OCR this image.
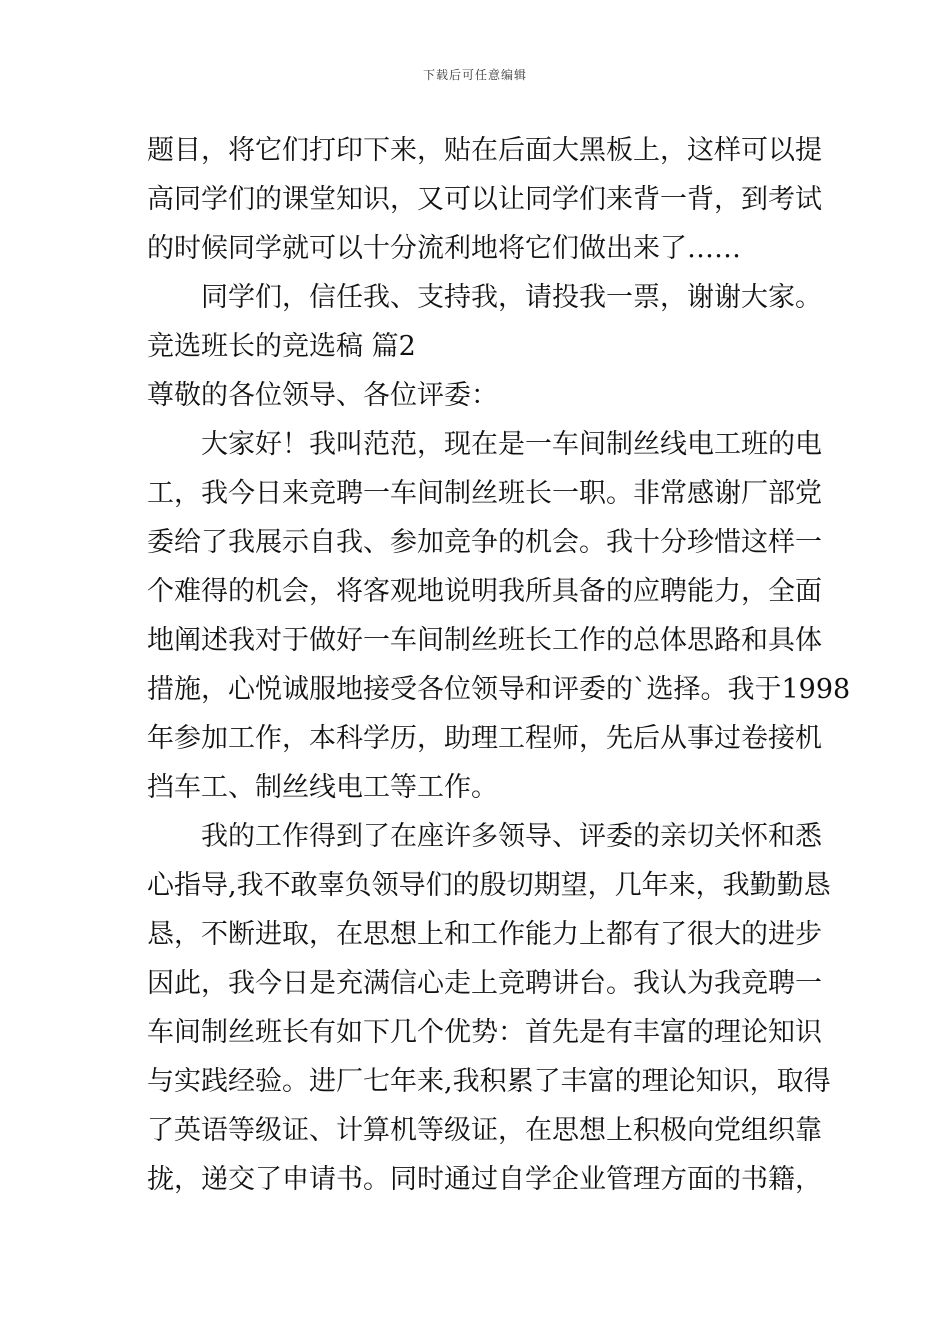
下载后可任意编辑
题目，将它们打印下来，贴在后面大黑板上，这样可以提
高同学们的课堂知识，又可以让同学们来背一背，到考试
的时候同学就可以十分流利地将它们做出来了……
同学们，信任我、支持我，请投我一票，谢谢大家。
竞选班长的竞选稿 篇2
尊敬的各位领导、各位评委：
大家好！我叫范范，现在是一车间制丝线电工班的电
工，我今日来竞聘一车间制丝班长一职。非常感谢厂部党
委给了我展示自我、参加竞争的机会。我十分珍惜这样一
个难得的机会，将客观地说明我所具备的应聘能力，全面
地阐述我对于做好一车间制丝班长工作的总体思路和具体
措施，心悦诚服地接受各位领导和评委的`选择。我于1998
年参加工作，本科学历，助理工程师，先后从事过卷接机
挡车工、制丝线电工等工作。
我的工作得到了在座许多领导、评委的亲切关怀和悉
心指导,我不敢辜负领导们的殷切期望，几年来，我勤勤恳
恳，不断进取，在思想上和工作能力上都有了很大的进步
因此，我今日是充满信心走上竞聘讲台。我认为我竞聘一
车间制丝班长有如下几个优势：首先是有丰富的理论知识
与实践经验。进厂七年来,我积累了丰富的理论知识，取得
了英语等级证、计算机等级证，在思想上积极向党组织靠
拢，递交了申请书。同时通过自学企业管理方面的书籍，
